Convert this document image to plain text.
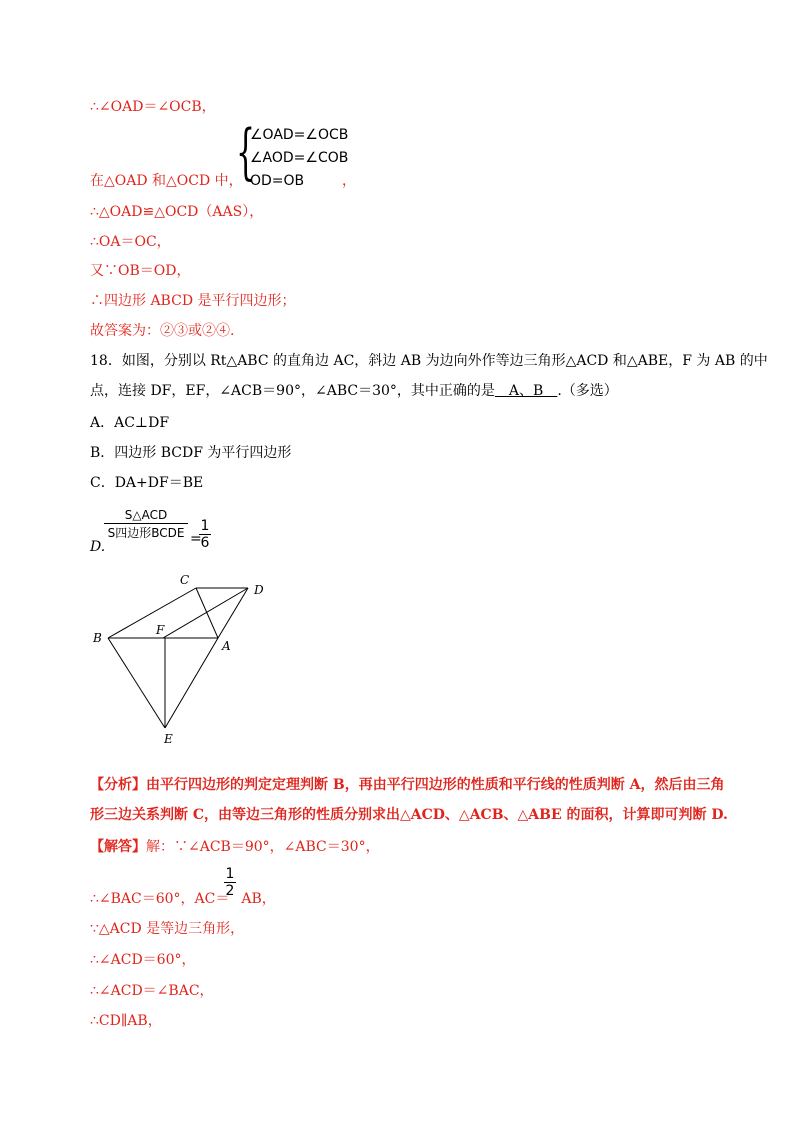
∴∠OAD＝∠OCB，
{
∠OAD=∠OCB
∠AOD=∠COB
OD=OB
在△OAD 和△OCD 中，	，
∴△OAD≌△OCD（AAS），
∴OA＝OC，
又∵OB＝OD，
∴四边形 ABCD 是平行四边形；
故答案为：②③或②④.
18．如图，分别以 Rt△ABC 的直角边 AC，斜边 AB 为边向外作等边三角形△ACD 和△ABE，F 为 AB 的中
点，连接 DF，EF，∠ACB＝90°，∠ABC＝30°，其中正确的是　A、B　.（多选）
A．AC⊥DF
B．四边形 BCDF 为平行四边形
C．DA+DF＝BE
D.
S△ACD
S四边形BCDE =
$\frac{1}{6}$
C
D
B
F
A
E
【分析】由平行四边形的判定定理判断 B，再由平行四边形的性质和平行线的性质判断 A，然后由三角
形三边关系判断 C，由等边三角形的性质分别求出△ACD、△ACB、△ABE 的面积，计算即可判断 D.
【解答】解：∵∠ACB＝90°，∠ABC＝30°，
∴∠BAC＝60°，AC＝ AB，
$\frac{1}{2}$
∵△ACD 是等边三角形，
∴∠ACD＝60°，
∴∠ACD＝∠BAC，
∴CD∥AB，
